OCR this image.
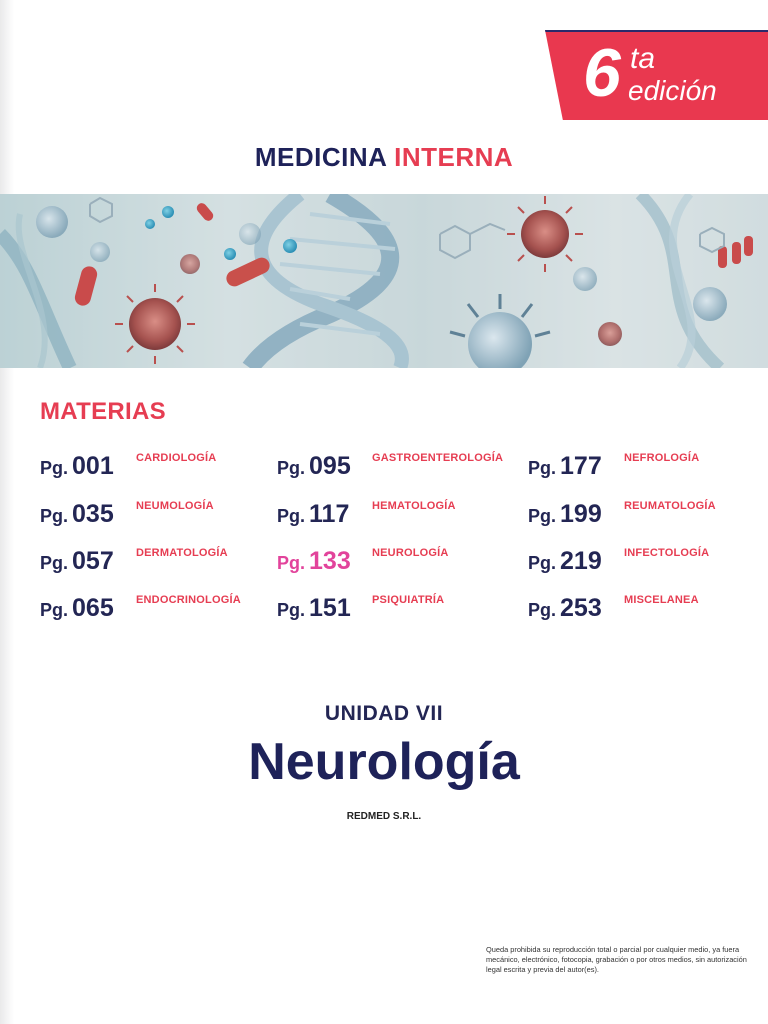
6 ta
edición
MEDICINA INTERNA
MATERIAS
Pg. 001 CARDIOLOGÍA
Pg. 035 NEUMOLOGÍA
Pg. 057 DERMATOLOGÍA
Pg. 065 ENDOCRINOLOGÍA
Pg. 095 GASTROENTEROLOGÍA
Pg. 117 HEMATOLOGÍA
Pg. 133 NEUROLOGÍA
Pg. 151 PSIQUIATRÍA
Pg. 177 NEFROLOGÍA
Pg. 199 REUMATOLOGÍA
Pg. 219 INFECTOLOGÍA
Pg. 253 MISCELANEA
UNIDAD VII
Neurología
REDMED S.R.L.
Queda prohibida su reproducción total o parcial por cualquier medio, ya fuera mecánico, electrónico, fotocopia, grabación o por otros medios, sin autorización legal escrita y previa del autor(es).
